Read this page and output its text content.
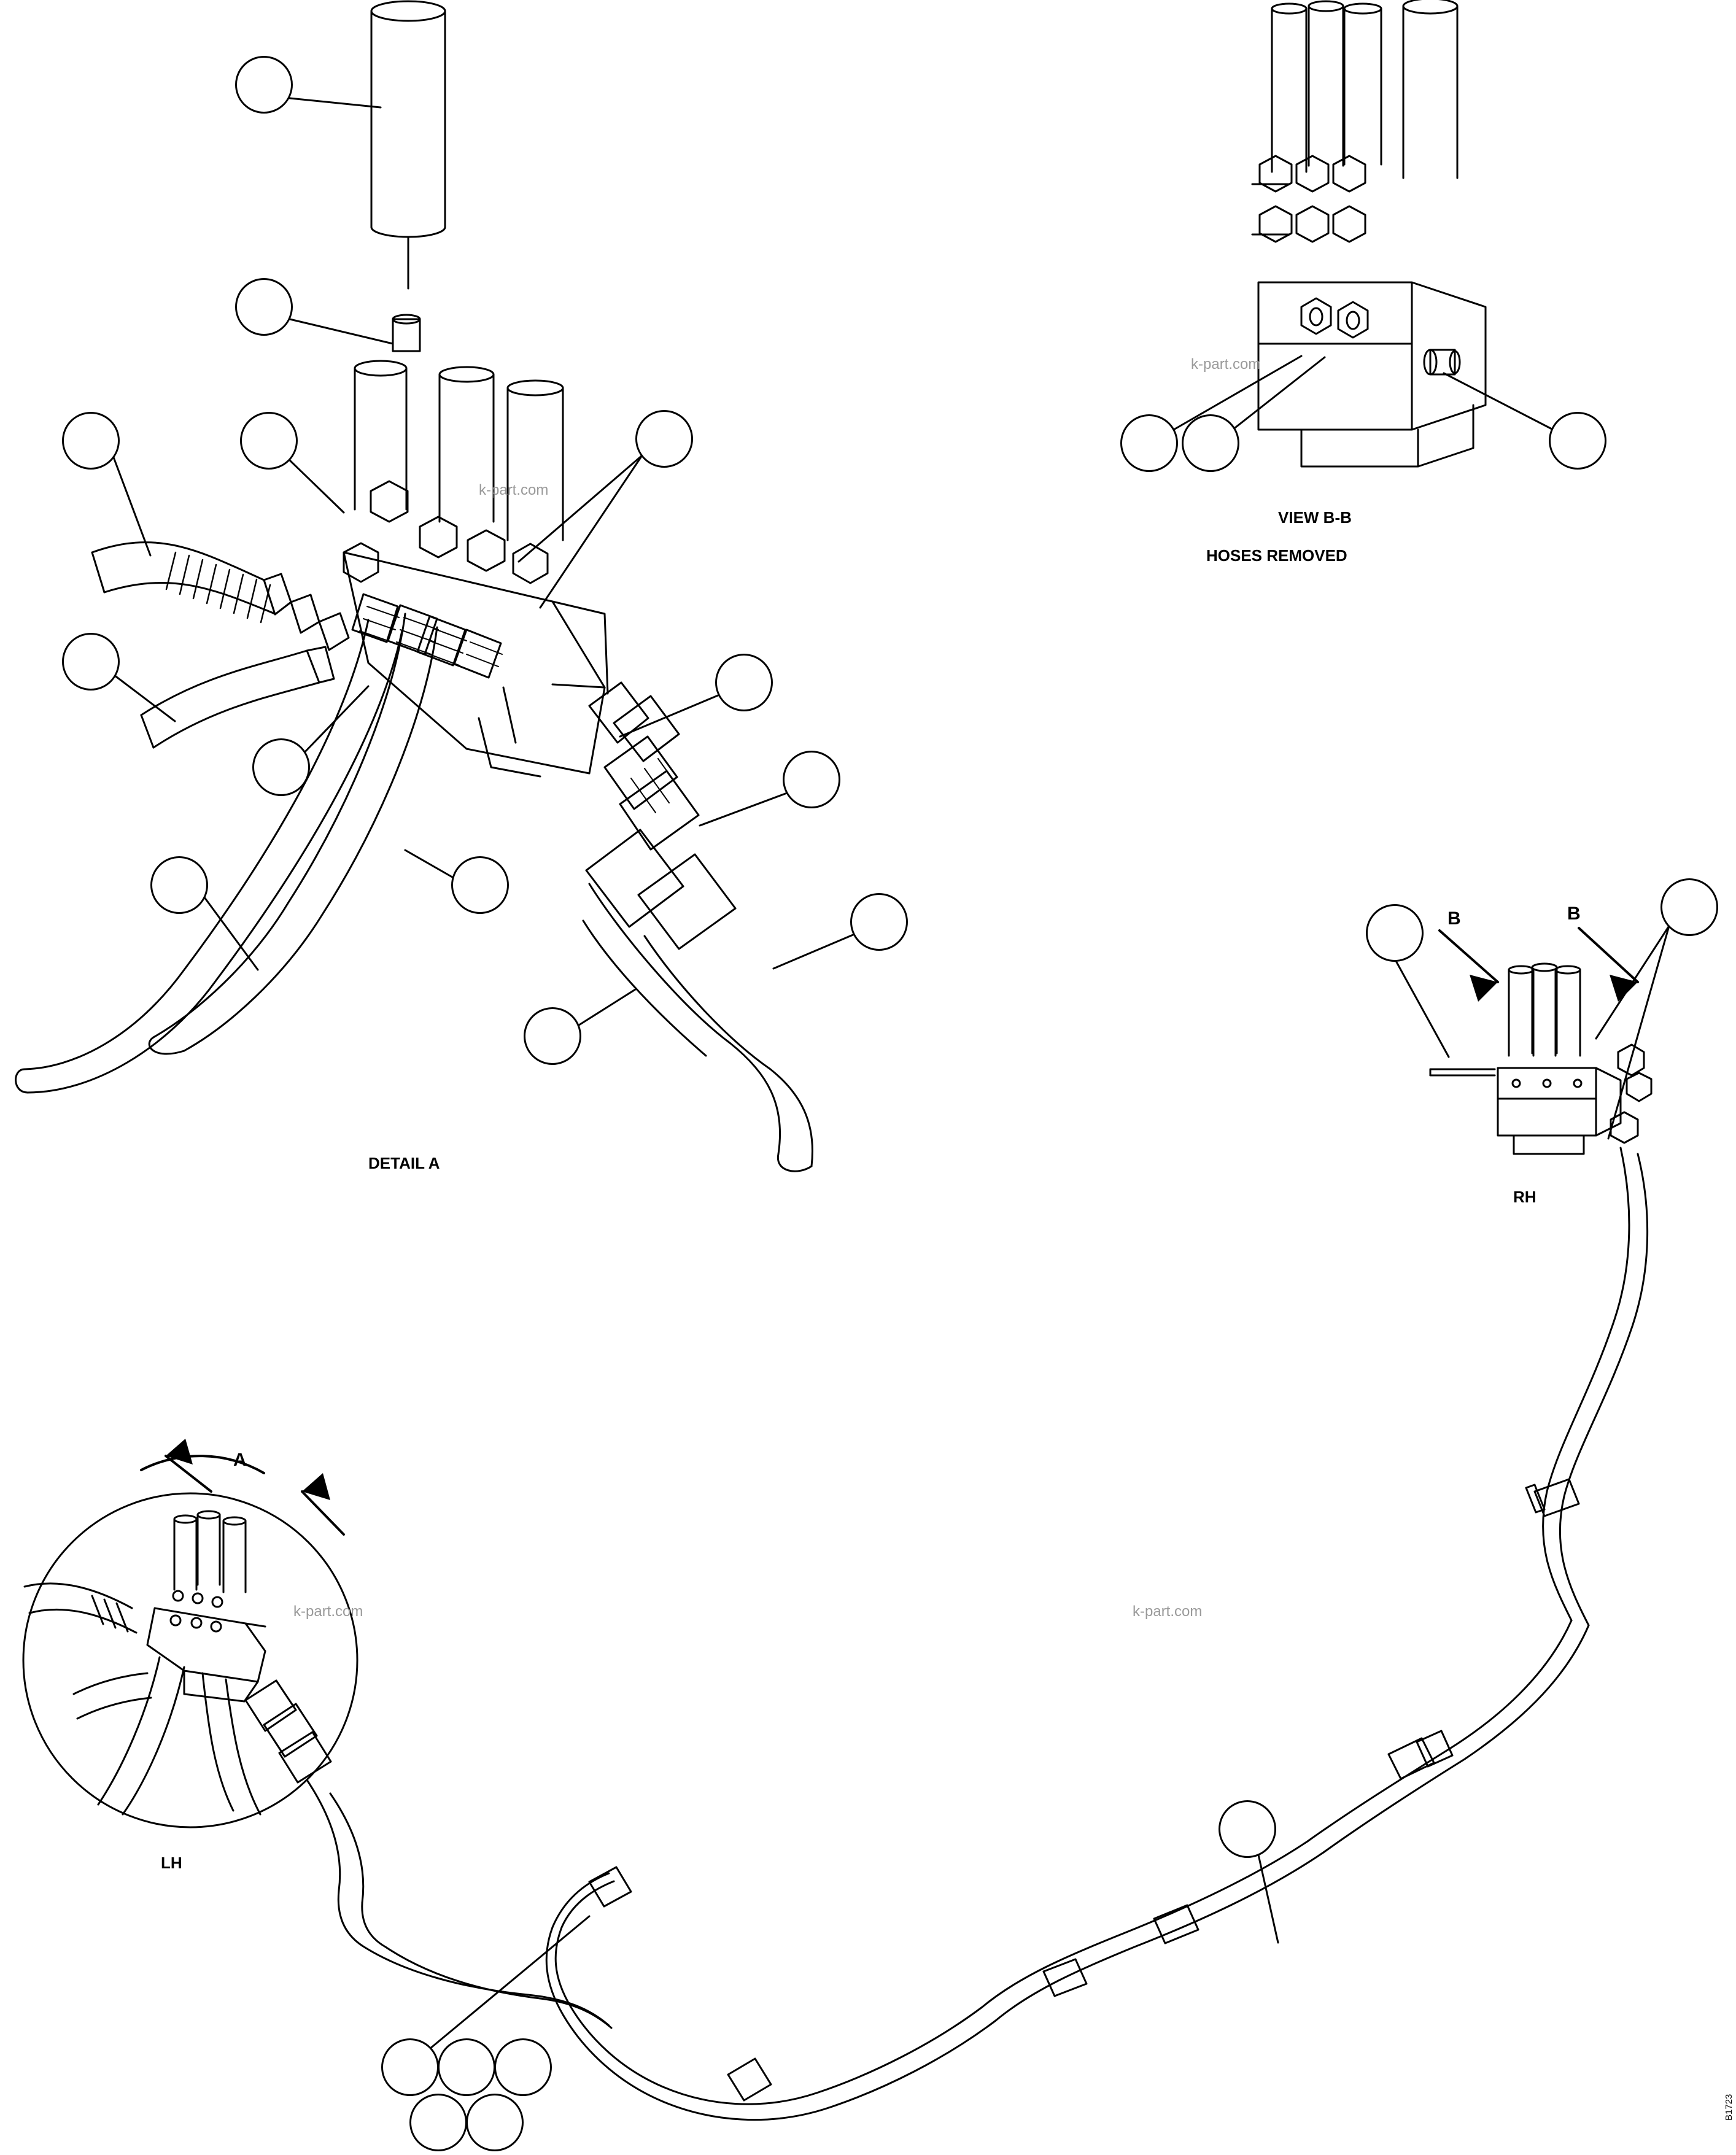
DETAIL A
VIEW B-B
HOSES REMOVED
RH
LH
A
B	B
k-part.com
k-part.com
k-part.com	k-part.com
B1723
